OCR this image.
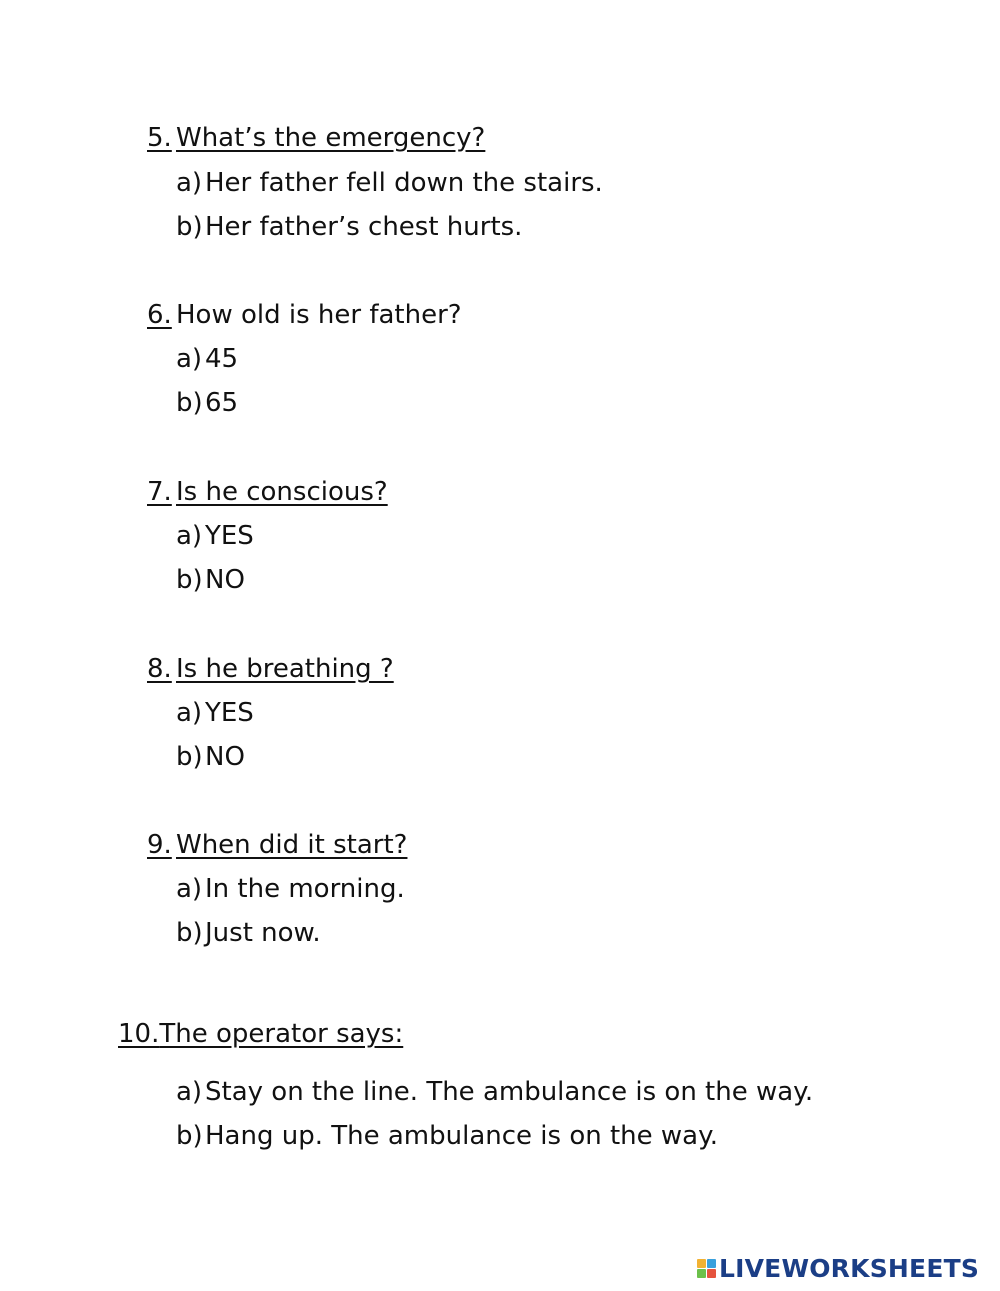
5. What’s the emergency?
a) Her father fell down the stairs.
b)Her father’s chest hurts.
6. How old is her father?
a) 45
b)65
7. Is he conscious?
a) YES
b)NO
8. Is he breathing ?
a) YES
b)NO
9. When did it start?
a) In the morning.
b)Just now.
10.The operator says:
a) Stay on the line. The ambulance is on the way.
b)Hang up. The ambulance is on the way.
LIVEWORKSHEETS
